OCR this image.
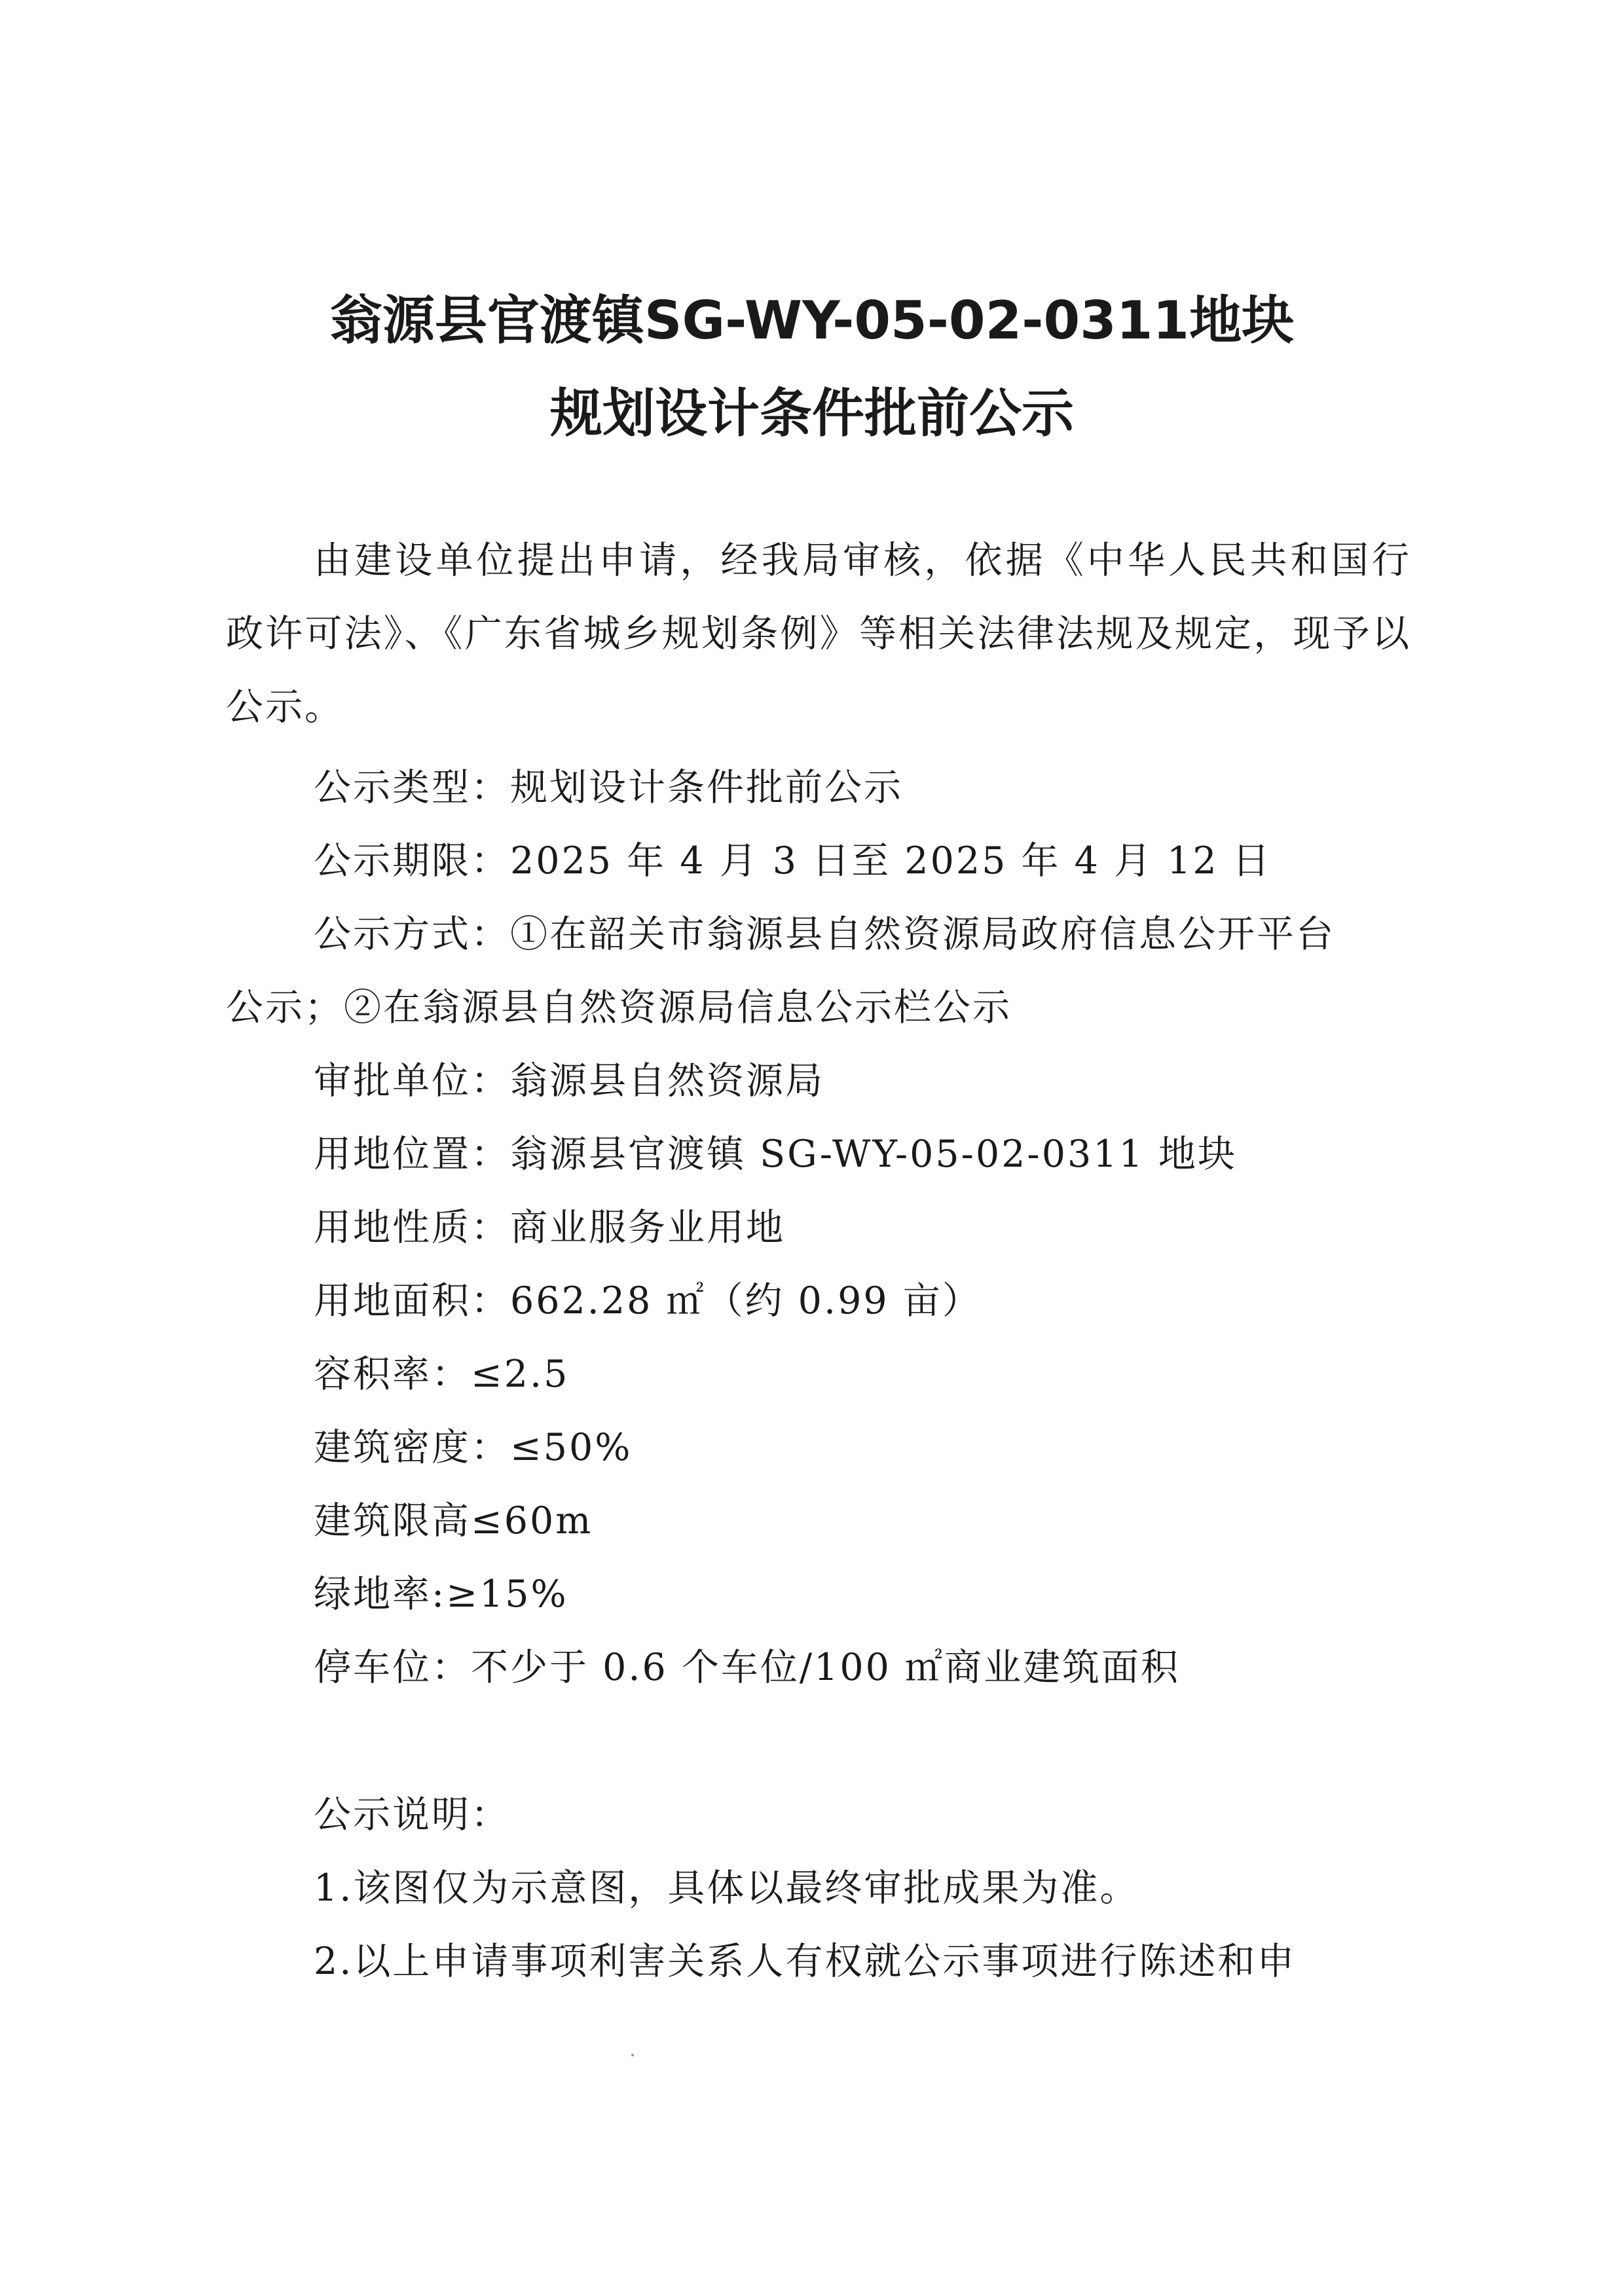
翁源县官渡镇SG-WY-05-02-0311地块
规划设计条件批前公示

由建设单位提出申请，经我局审核，依据《中华人民共和国行政许可法》、《广东省城乡规划条例》等相关法律法规及规定，现予以公示。

公示类型：规划设计条件批前公示

公示期限：2025 年 4 月 3 日至 2025 年 4 月 12 日

公示方式：①在韶关市翁源县自然资源局政府信息公开平台

公示；②在翁源县自然资源局信息公示栏公示

审批单位：翁源县自然资源局

用地位置：翁源县官渡镇 SG-WY-05-02-0311 地块

用地性质：商业服务业用地

用地面积：662.28 ㎡（约 0.99 亩）

容积率：≤2.5

建筑密度：≤50%

建筑限高≤60m

绿地率:≥15%

停车位：不少于 0.6 个车位/100 ㎡商业建筑面积

公示说明：

1.该图仅为示意图，具体以最终审批成果为准。

2.以上申请事项利害关系人有权就公示事项进行陈述和申
